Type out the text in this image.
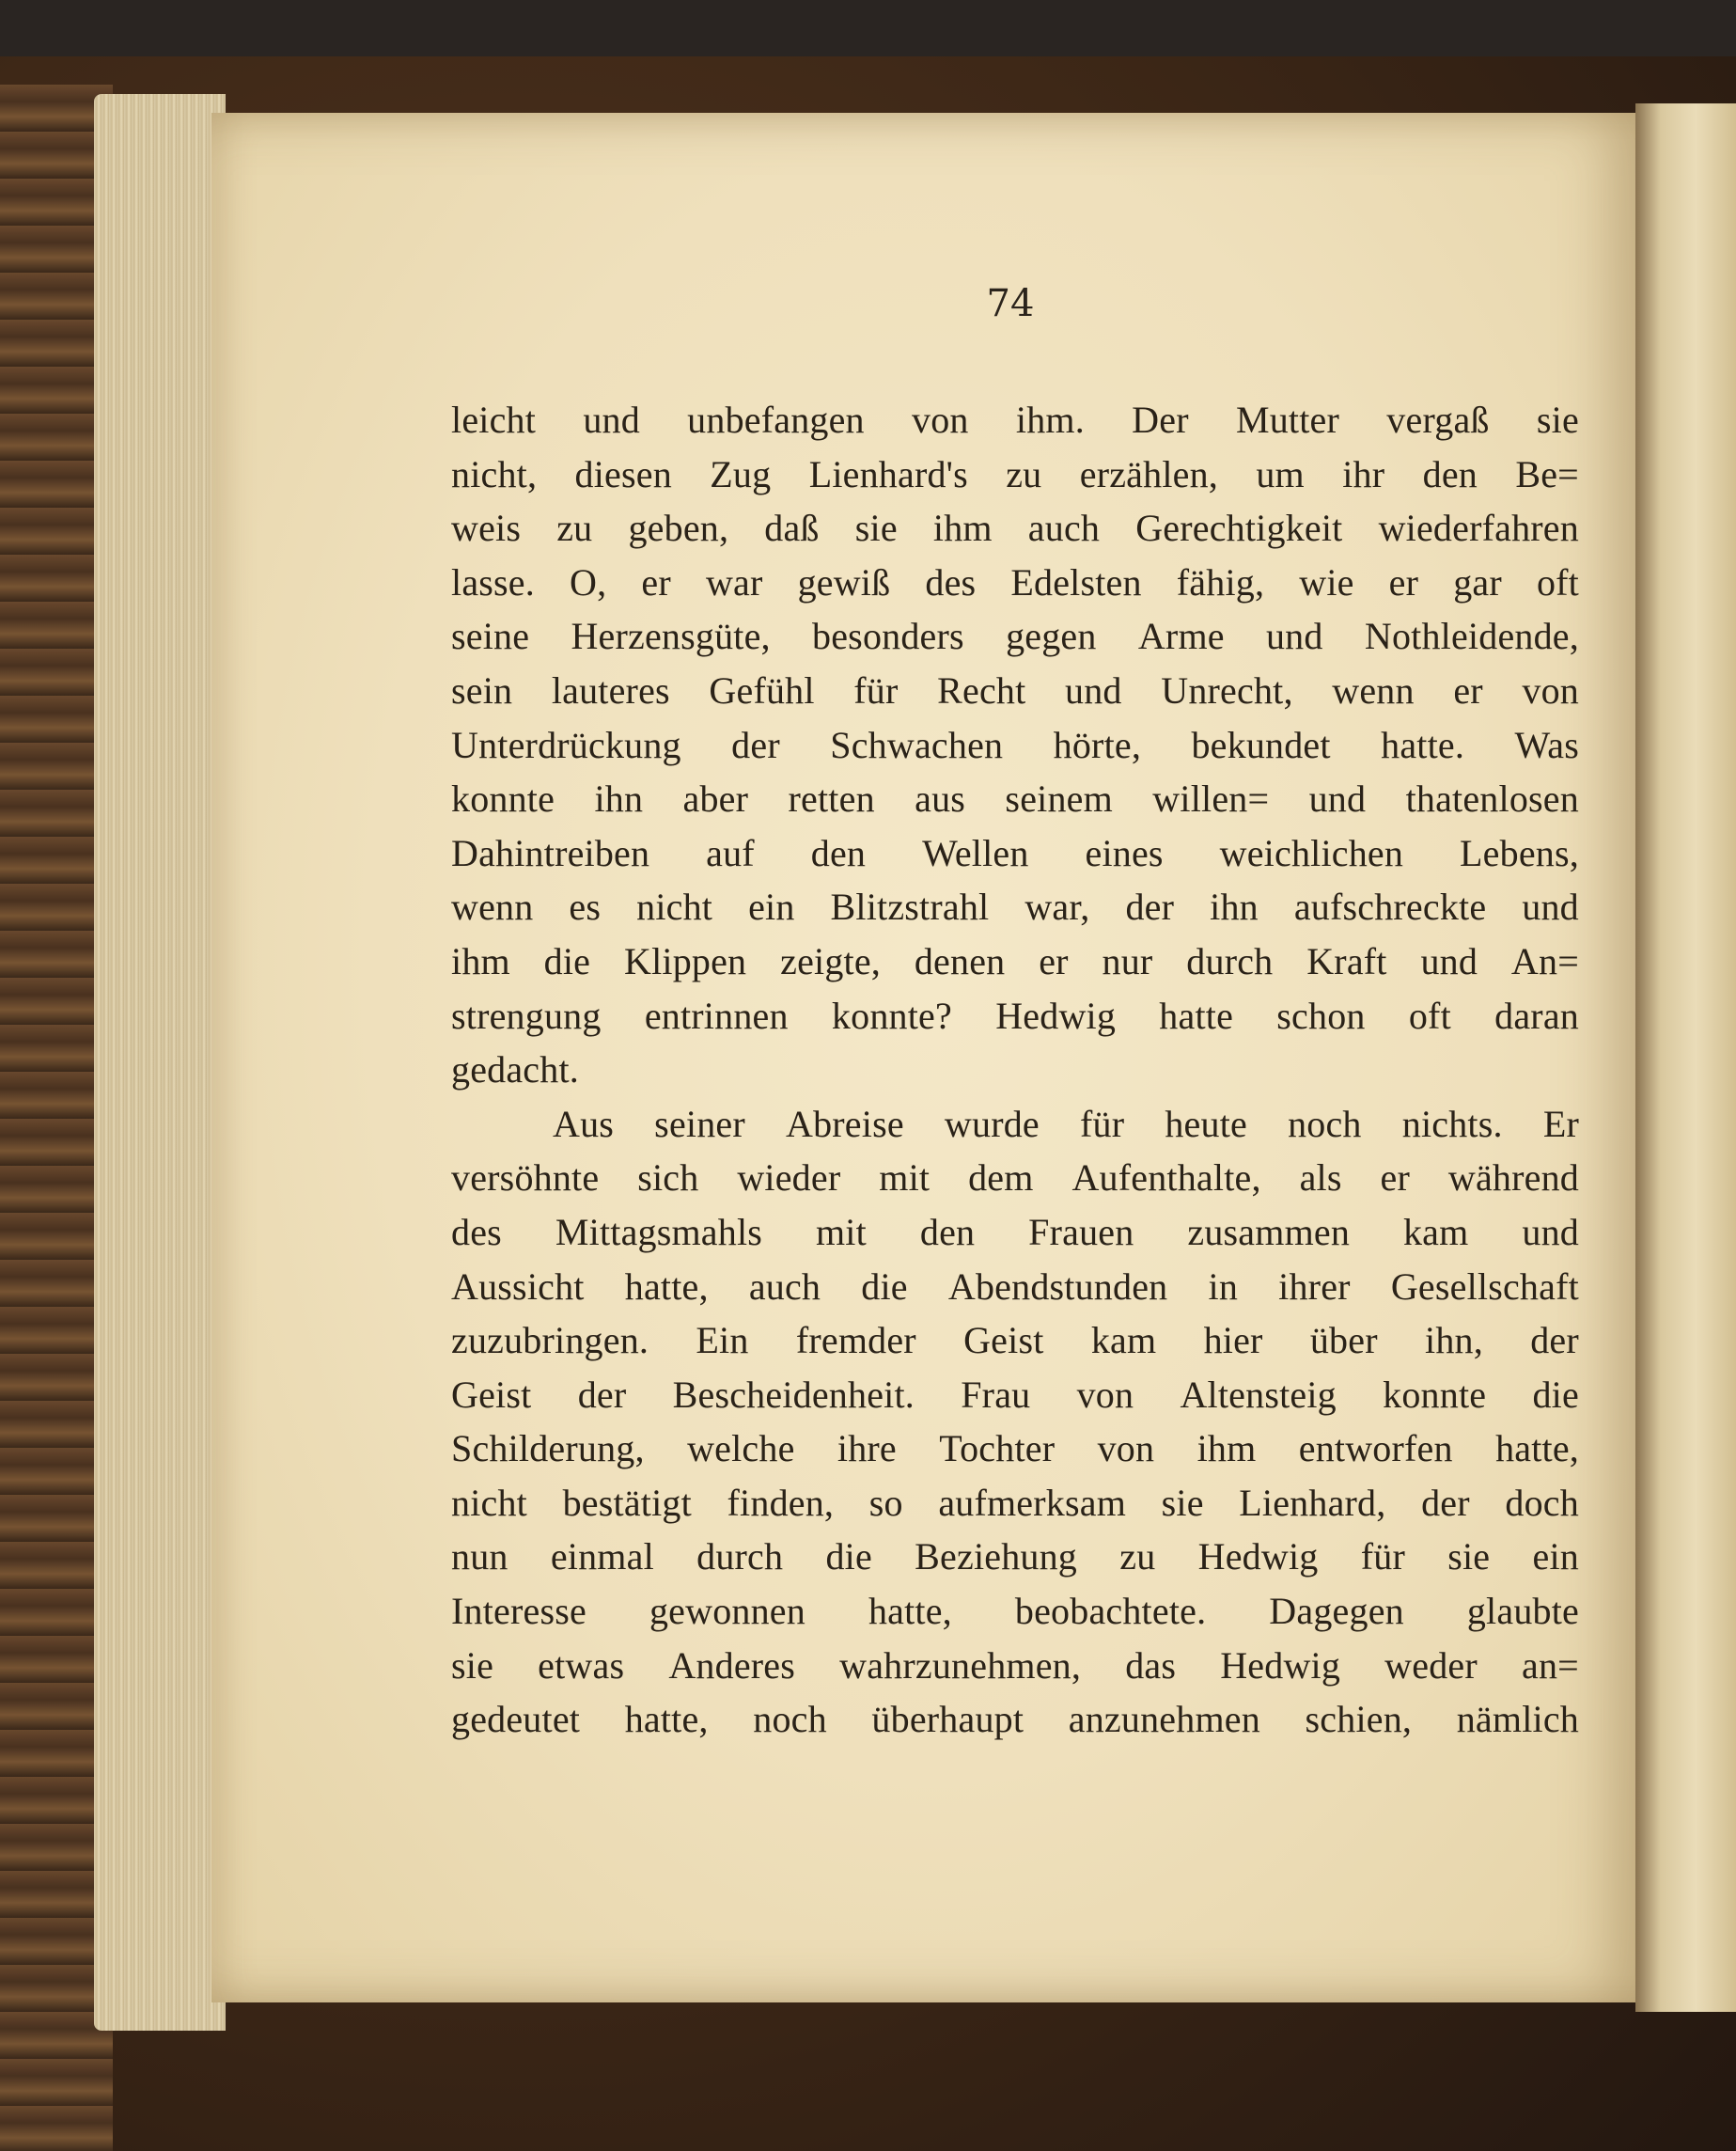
74
leicht und unbefangen von ihm. Der Mutter vergaß sie
nicht, diesen Zug Lienhard's zu erzählen, um ihr den Be=
weis zu geben, daß sie ihm auch Gerechtigkeit wiederfahren
lasse. O, er war gewiß des Edelsten fähig, wie er gar oft
seine Herzensgüte, besonders gegen Arme und Nothleidende,
sein lauteres Gefühl für Recht und Unrecht, wenn er von
Unterdrückung der Schwachen hörte, bekundet hatte. Was
konnte ihn aber retten aus seinem willen= und thatenlosen
Dahintreiben auf den Wellen eines weichlichen Lebens,
wenn es nicht ein Blitzstrahl war, der ihn aufschreckte und
ihm die Klippen zeigte, denen er nur durch Kraft und An=
strengung entrinnen konnte? Hedwig hatte schon oft daran
gedacht.
Aus seiner Abreise wurde für heute noch nichts. Er
versöhnte sich wieder mit dem Aufenthalte, als er während
des Mittagsmahls mit den Frauen zusammen kam und
Aussicht hatte, auch die Abendstunden in ihrer Gesellschaft
zuzubringen. Ein fremder Geist kam hier über ihn, der
Geist der Bescheidenheit. Frau von Altensteig konnte die
Schilderung, welche ihre Tochter von ihm entworfen hatte,
nicht bestätigt finden, so aufmerksam sie Lienhard, der doch
nun einmal durch die Beziehung zu Hedwig für sie ein
Interesse gewonnen hatte, beobachtete. Dagegen glaubte
sie etwas Anderes wahrzunehmen, das Hedwig weder an=
gedeutet hatte, noch überhaupt anzunehmen schien, nämlich
